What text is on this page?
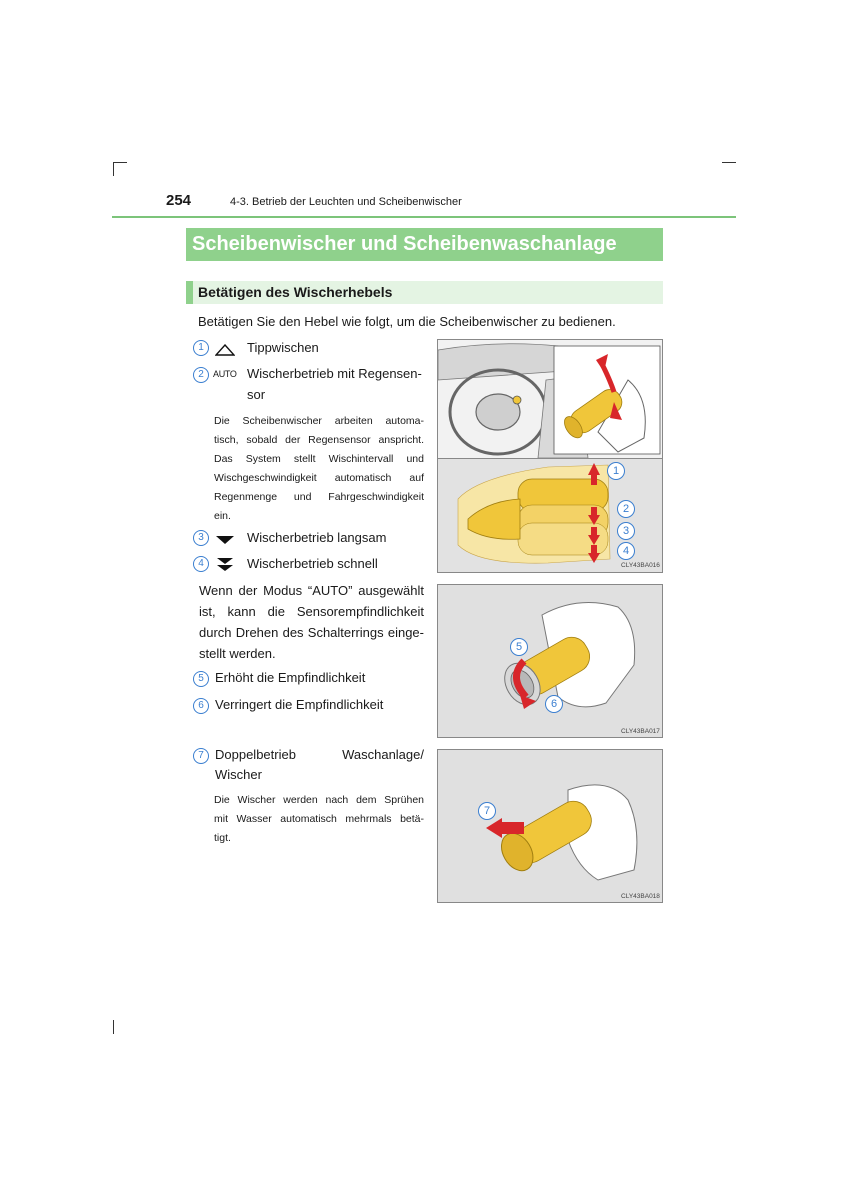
254	4-3. Betrieb der Leuchten und Scheibenwischer
Scheibenwischer und Scheibenwaschanlage
Betätigen des Wischerhebels
Betätigen Sie den Hebel wie folgt, um die Scheibenwischer zu bedienen.
1	Tippwischen
2	AUTO Wischerbetrieb mit Regensen-
sor
Die Scheibenwischer arbeiten automa-
tisch, sobald der Regensensor anspricht.
Das System stellt Wischintervall und
Wischgeschwindigkeit automatisch auf
Regenmenge und Fahrgeschwindigkeit
ein.
3	Wischerbetrieb langsam
4	Wischerbetrieb schnell
Wenn der Modus “AUTO” ausgewählt
ist, kann die Sensorempfindlichkeit
durch Drehen des Schalterrings einge-
stellt werden.
5 Erhöht die Empfindlichkeit
6 Verringert die Empfindlichkeit
7 Doppelbetrieb Waschanlage/
Wischer
Die Wischer werden nach dem Sprühen
mit Wasser automatisch mehrmals betä-
tigt.
1
2
3
4
CLY43BA016
5
6
CLY43BA017
7
CLY43BA018
